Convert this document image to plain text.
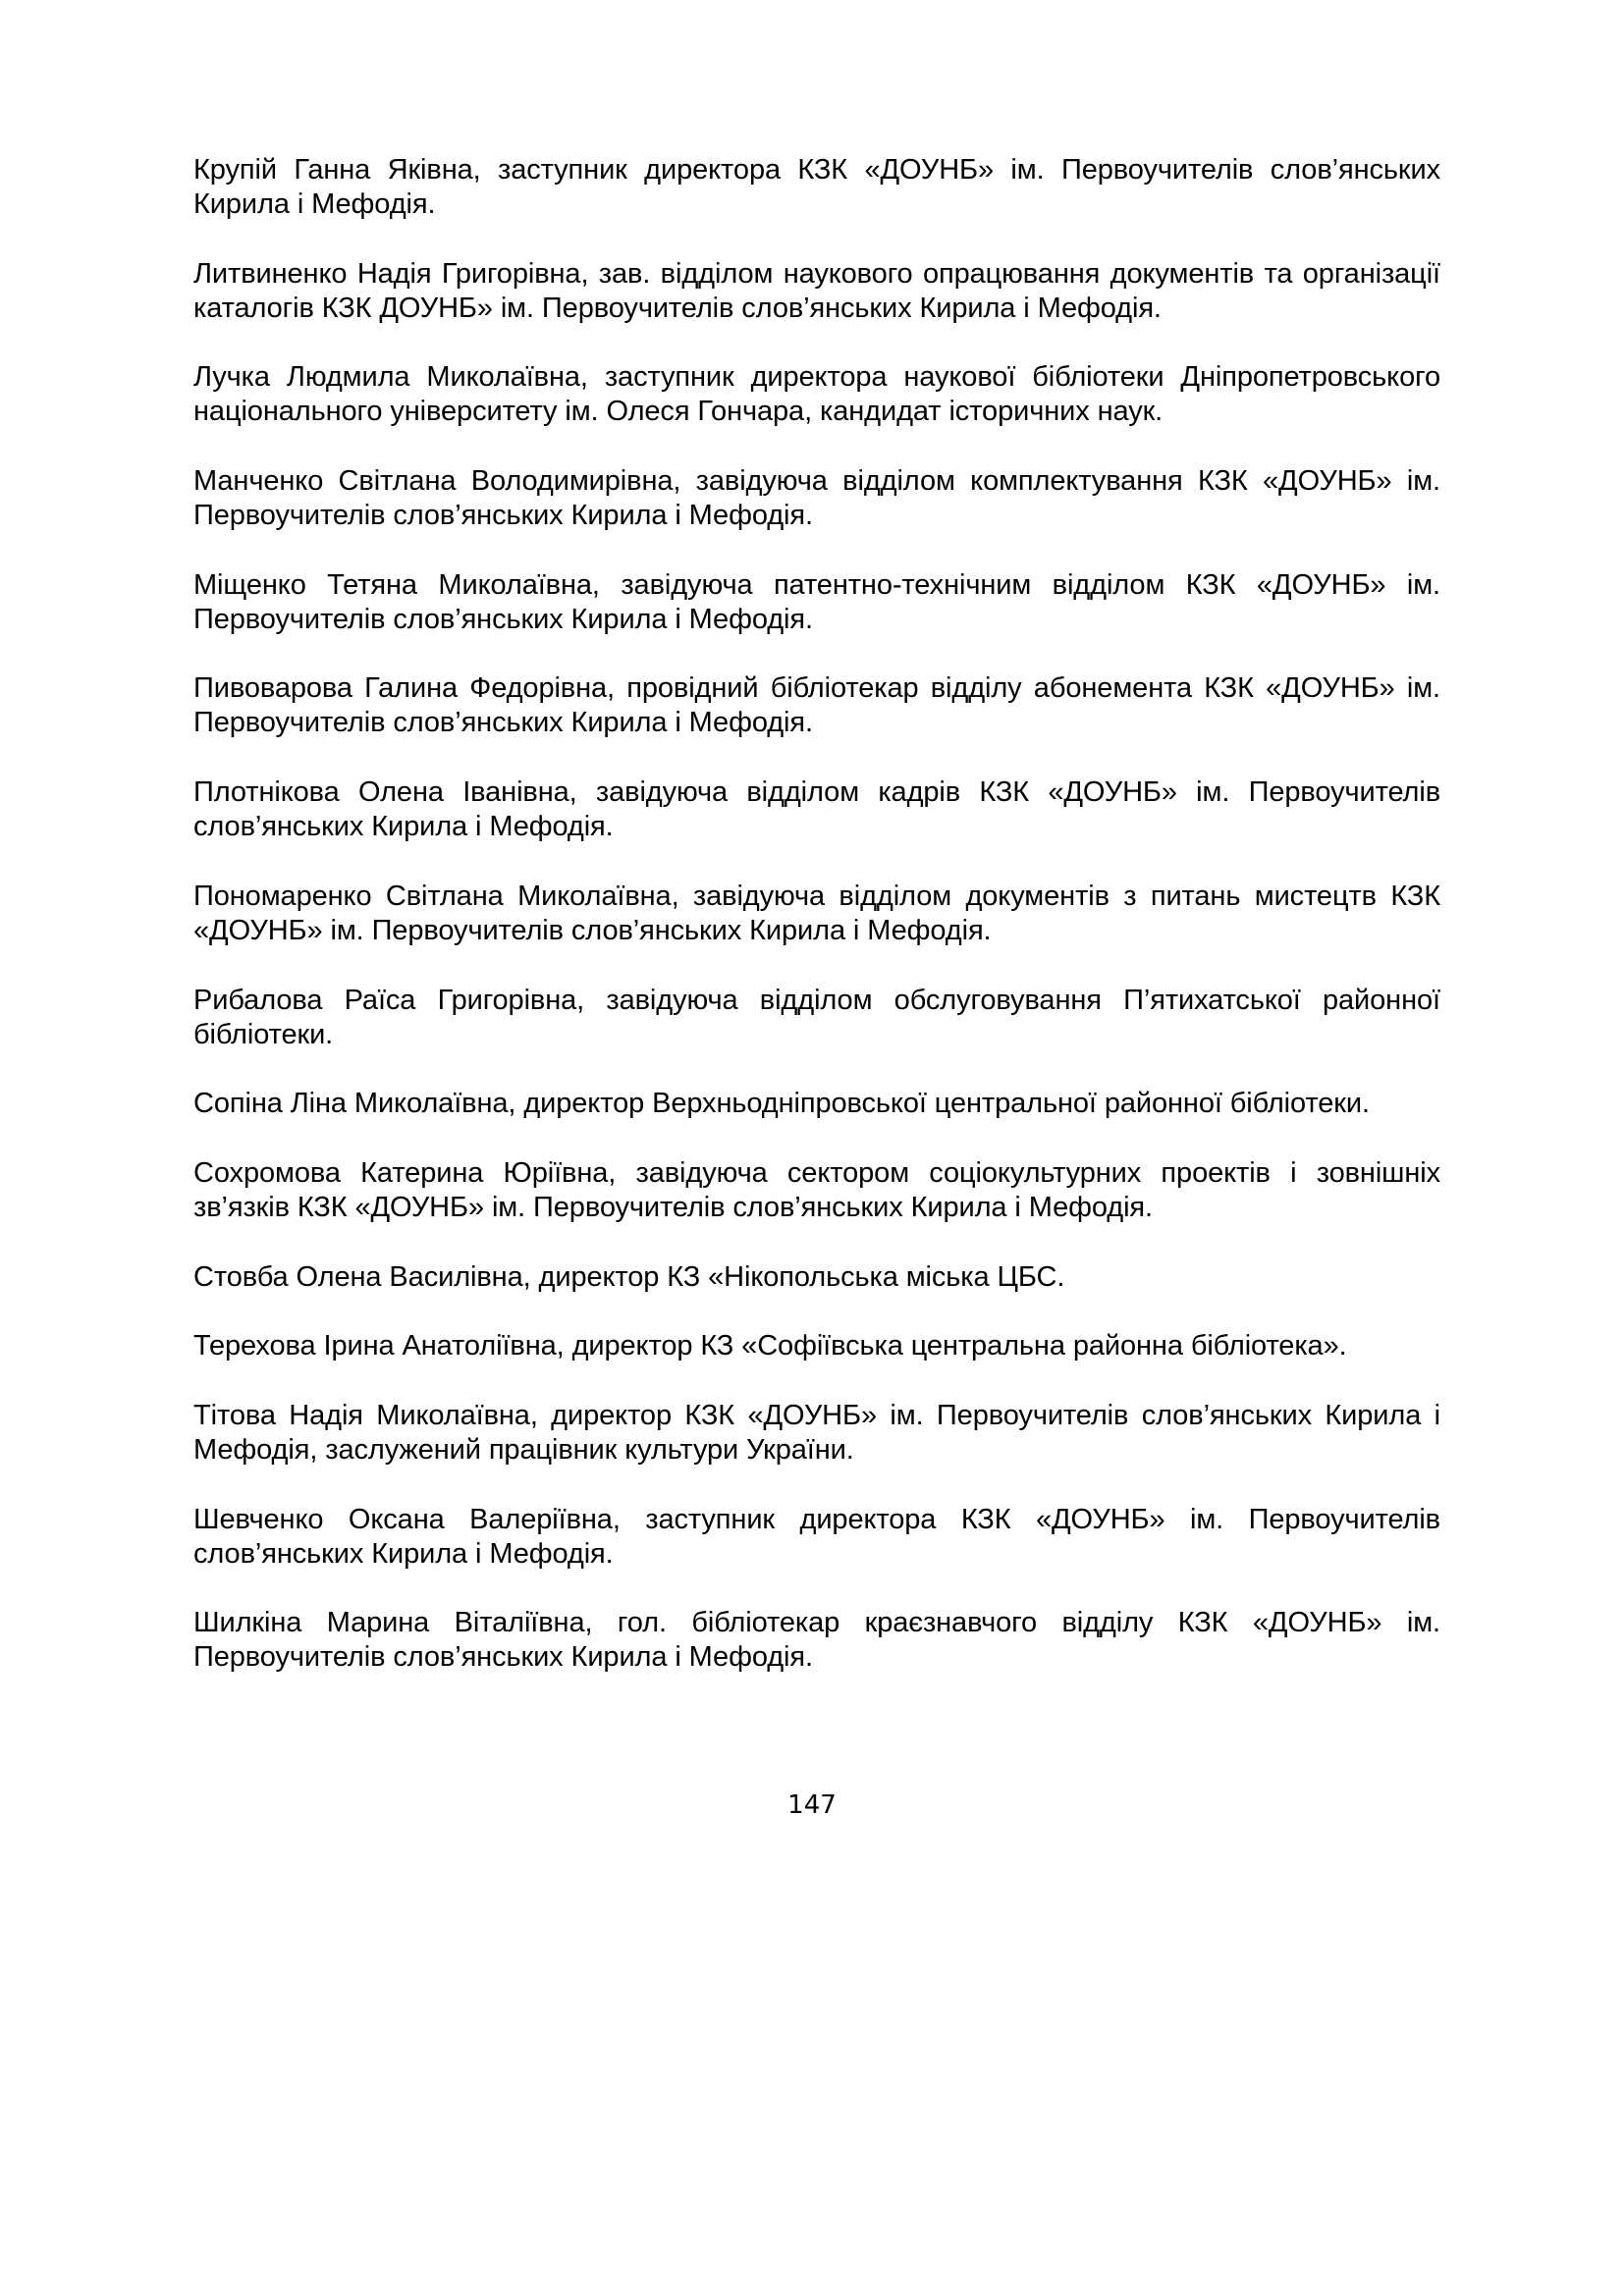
Крупій Ганна Яківна, заступник директора КЗК «ДОУНБ» ім. Первоучителів слов’янських Кирила і Мефодія.

Литвиненко Надія Григорівна, зав. відділом наукового опрацювання документів та організації каталогів КЗК ДОУНБ» ім. Первоучителів слов’янських Кирила і Мефодія.

Лучка Людмила Миколаївна, заступник директора наукової бібліотеки Дніпропетровського національного університету ім. Олеся Гончара, кандидат історичних наук.

Манченко Світлана Володимирівна, завідуюча відділом комплектування КЗК «ДОУНБ» ім. Первоучителів слов’янських Кирила і Мефодія.

Міщенко Тетяна Миколаївна, завідуюча патентно-технічним відділом КЗК «ДОУНБ» ім. Первоучителів слов’янських Кирила і Мефодія.

Пивоварова Галина Федорівна, провідний бібліотекар відділу абонемента КЗК «ДОУНБ» ім. Первоучителів слов’янських Кирила і Мефодія.

Плотнікова Олена Іванівна, завідуюча відділом кадрів КЗК «ДОУНБ» ім. Первоучителів слов’янських Кирила і Мефодія.

Пономаренко Світлана Миколаївна, завідуюча відділом документів з питань мистецтв КЗК «ДОУНБ» ім. Первоучителів слов’янських Кирила і Мефодія.

Рибалова Раїса Григорівна, завідуюча відділом обслуговування П’ятихатської районної бібліотеки.

Сопіна Ліна Миколаївна, директор Верхньодніпровської центральної районної бібліотеки.

Сохромова Катерина Юріївна, завідуюча сектором соціокультурних проектів і зовнішніх зв’язків КЗК «ДОУНБ» ім. Первоучителів слов’янських Кирила і Мефодія.

Стовба Олена Василівна, директор КЗ «Нікопольська міська ЦБС.

Терехова Ірина Анатоліївна, директор КЗ «Софіївська центральна районна бібліотека».

Тітова Надія Миколаївна, директор КЗК «ДОУНБ» ім. Первоучителів слов’янських Кирила і Мефодія, заслужений працівник культури України.

Шевченко Оксана Валеріївна, заступник директора КЗК «ДОУНБ» ім. Первоучителів слов’янських Кирила і Мефодія.

Шилкіна Марина Віталіївна, гол. бібліотекар краєзнавчого відділу КЗК «ДОУНБ» ім. Первоучителів слов’янських Кирила і Мефодія.

147
